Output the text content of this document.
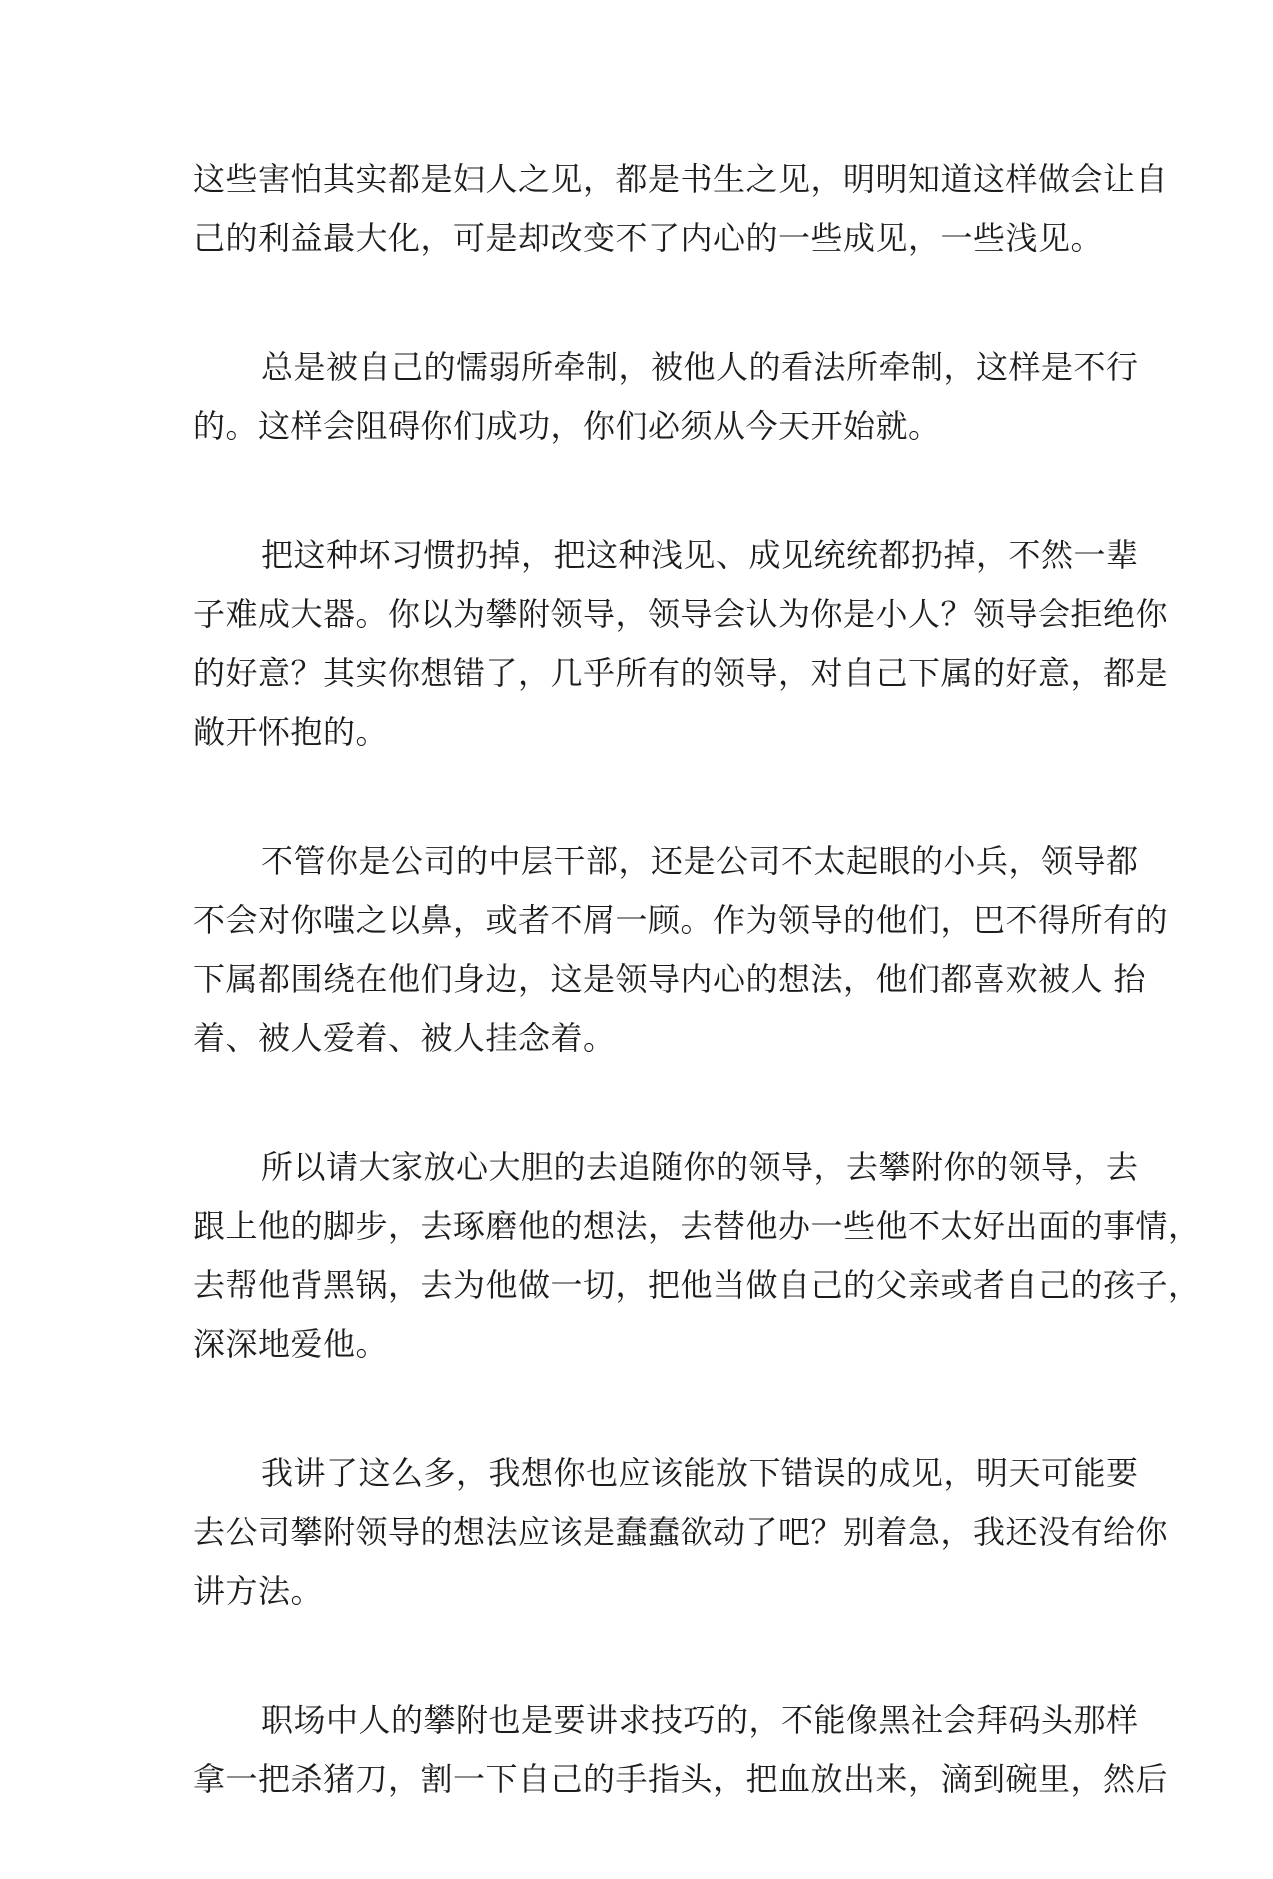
这些害怕其实都是妇人之见，都是书生之见，明明知道这样做会让自
己的利益最大化，可是却改变不了内心的一些成见，一些浅见。

总是被自己的懦弱所牵制，被他人的看法所牵制，这样是不行
的。这样会阻碍你们成功，你们必须从今天开始就。

把这种坏习惯扔掉，把这种浅见、成见统统都扔掉，不然一辈
子难成大器。你以为攀附领导，领导会认为你是小人？领导会拒绝你
的好意？其实你想错了，几乎所有的领导，对自己下属的好意，都是
敞开怀抱的。

不管你是公司的中层干部，还是公司不太起眼的小兵，领导都
不会对你嗤之以鼻，或者不屑一顾。作为领导的他们，巴不得所有的
下属都围绕在他们身边，这是领导内心的想法，他们都喜欢被人 抬
着、被人爱着、被人挂念着。

所以请大家放心大胆的去追随你的领导，去攀附你的领导，去
跟上他的脚步，去琢磨他的想法，去替他办一些他不太好出面的事情，
去帮他背黑锅，去为他做一切，把他当做自己的父亲或者自己的孩子，
深深地爱他。

我讲了这么多，我想你也应该能放下错误的成见，明天可能要
去公司攀附领导的想法应该是蠢蠢欲动了吧？别着急，我还没有给你
讲方法。

职场中人的攀附也是要讲求技巧的，不能像黑社会拜码头那样
拿一把杀猪刀，割一下自己的手指头，把血放出来，滴到碗里，然后
